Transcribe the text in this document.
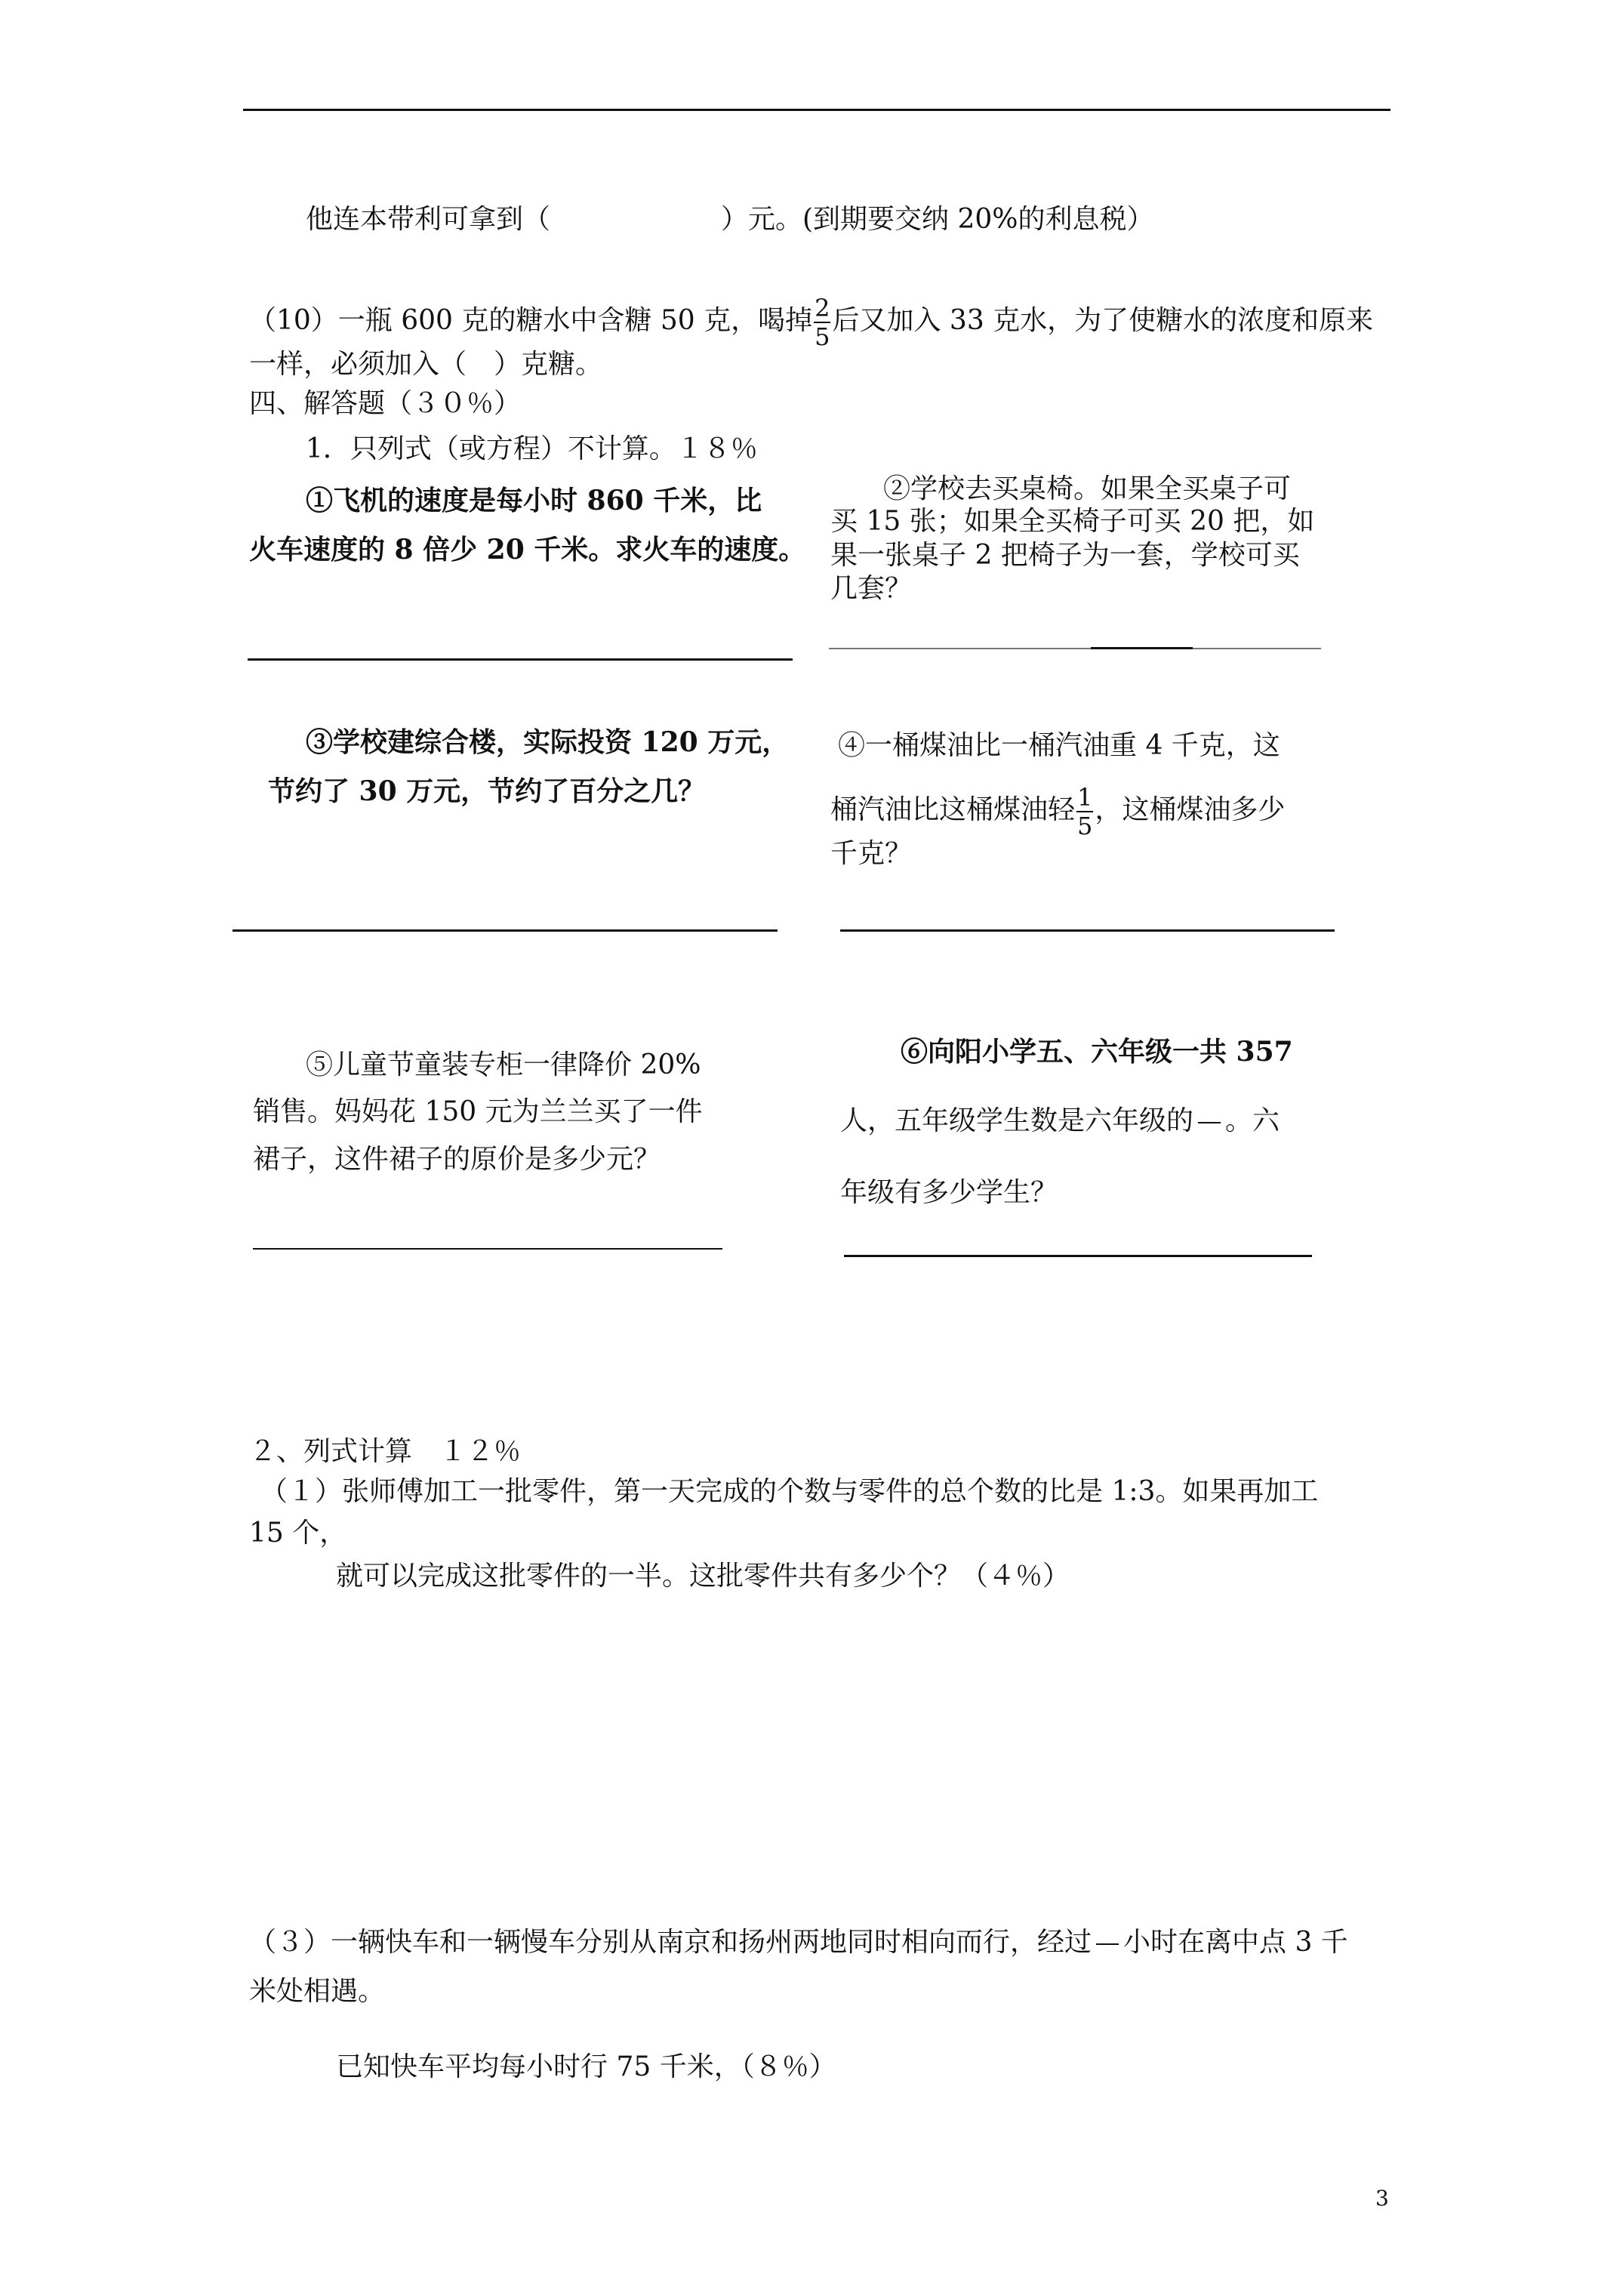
他连本带利可拿到（	）元。(到期要交纳 20%的利息税）
（10）一瓶 600 克的糖水中含糖 50 克，喝掉 $\frac{2}{5}$ 后又加入 33 克水，为了使糖水的浓度和原来
一样，必须加入（　）克糖。
四、解答题（３０％）
1．只列式（或方程）不计算。１８％
①飞机的速度是每小时 860 千米，比
火车速度的 8 倍少 20 千米。求火车的速度。
②学校去买桌椅。如果全买桌子可
买 15 张；如果全买椅子可买 20 把，如
果一张桌子 2 把椅子为一套，学校可买
几套？
③学校建综合楼，实际投资 120 万元，
节约了 30 万元，节约了百分之几？
④一桶煤油比一桶汽油重 4 千克，这
桶汽油比这桶煤油轻 $\frac{1}{5}$ ，这桶煤油多少
千克？
⑤儿童节童装专柜一律降价 20%
销售。妈妈花 150 元为兰兰买了一件
裙子，这件裙子的原价是多少元？
⑥向阳小学五、六年级一共 357
人，五年级学生数是六年级的 。六
年级有多少学生？
２、列式计算　１２％
（１）张师傅加工一批零件，第一天完成的个数与零件的总个数的比是 1:3。如果再加工
15 个，
就可以完成这批零件的一半。这批零件共有多少个？（４％）
（３）一辆快车和一辆慢车分别从南京和扬州两地同时相向而行，经过 小时在离中点 3 千
米处相遇。
已知快车平均每小时行 75 千米，（８％）
3
